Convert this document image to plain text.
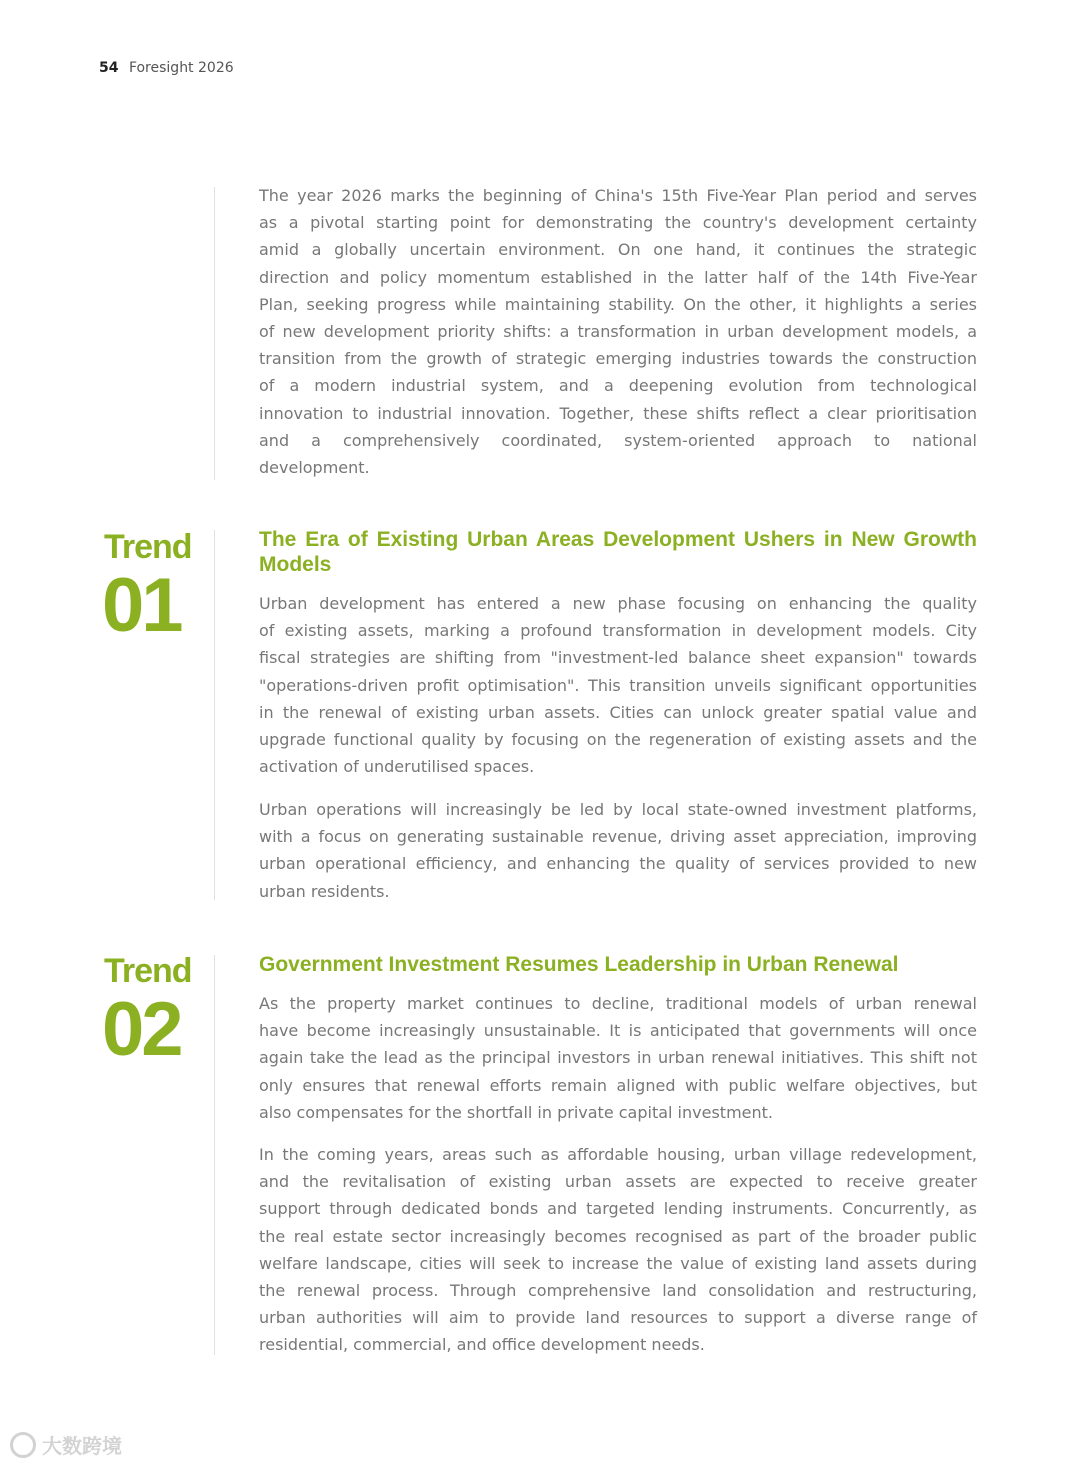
54 Foresight 2026
The year 2026 marks the beginning of China's 15th Five-Year Plan period and serves
as a pivotal starting point for demonstrating the country's development certainty
amid a globally uncertain environment. On one hand, it continues the strategic
direction and policy momentum established in the latter half of the 14th Five-Year
Plan, seeking progress while maintaining stability. On the other, it highlights a series
of new development priority shifts: a transformation in urban development models, a
transition from the growth of strategic emerging industries towards the construction
of a modern industrial system, and a deepening evolution from technological
innovation to industrial innovation. Together, these shifts reflect a clear prioritisation
and a comprehensively coordinated, system-oriented approach to national
development.
Trend
01
The Era of Existing Urban Areas Development Ushers in New Growth
Models
Urban development has entered a new phase focusing on enhancing the quality
of existing assets, marking a profound transformation in development models. City
fiscal strategies are shifting from "investment-led balance sheet expansion" towards
"operations-driven profit optimisation". This transition unveils significant opportunities
in the renewal of existing urban assets. Cities can unlock greater spatial value and
upgrade functional quality by focusing on the regeneration of existing assets and the
activation of underutilised spaces.
Urban operations will increasingly be led by local state-owned investment platforms,
with a focus on generating sustainable revenue, driving asset appreciation, improving
urban operational efficiency, and enhancing the quality of services provided to new
urban residents.
Trend
02
Government Investment Resumes Leadership in Urban Renewal
As the property market continues to decline, traditional models of urban renewal
have become increasingly unsustainable. It is anticipated that governments will once
again take the lead as the principal investors in urban renewal initiatives. This shift not
only ensures that renewal efforts remain aligned with public welfare objectives, but
also compensates for the shortfall in private capital investment.
In the coming years, areas such as affordable housing, urban village redevelopment,
and the revitalisation of existing urban assets are expected to receive greater
support through dedicated bonds and targeted lending instruments. Concurrently, as
the real estate sector increasingly becomes recognised as part of the broader public
welfare landscape, cities will seek to increase the value of existing land assets during
the renewal process. Through comprehensive land consolidation and restructuring,
urban authorities will aim to provide land resources to support a diverse range of
residential, commercial, and office development needs.
大数跨境
